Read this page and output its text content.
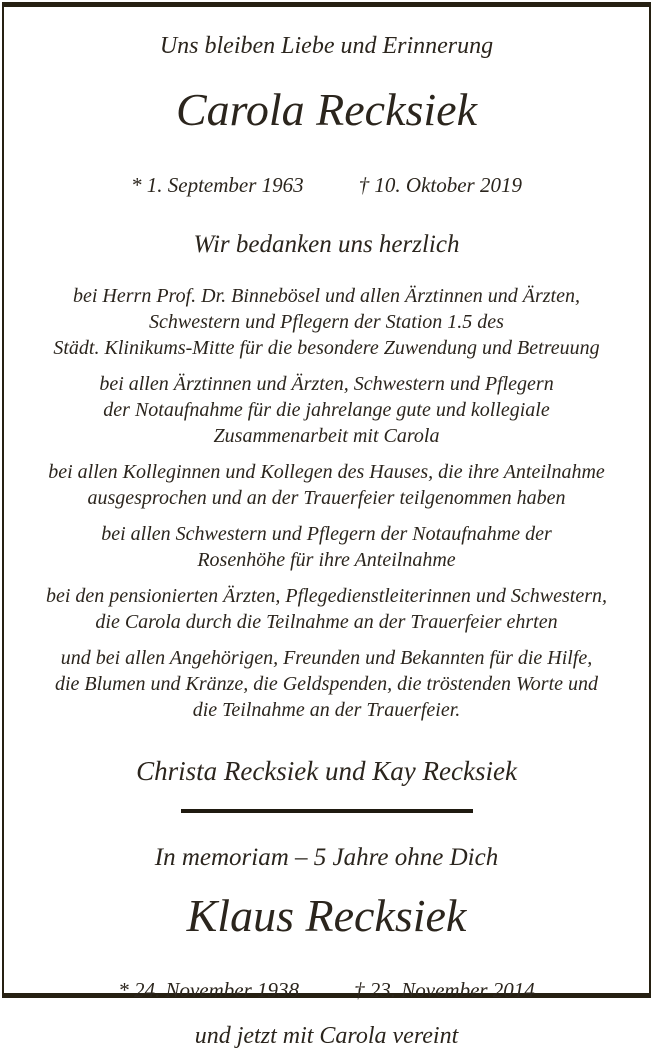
Uns bleiben Liebe und Erinnerung
Carola Recksiek
* 1. September 1963	† 10. Oktober 2019
Wir bedanken uns herzlich

bei Herrn Prof. Dr. Binnebösel und allen Ärztinnen und Ärzten,
Schwestern und Pflegern der Station 1.5 des
Städt. Klinikums-Mitte für die besondere Zuwendung und Betreuung

bei allen Ärztinnen und Ärzten, Schwestern und Pflegern
der Notaufnahme für die jahrelange gute und kollegiale
Zusammenarbeit mit Carola

bei allen Kolleginnen und Kollegen des Hauses, die ihre Anteilnahme
ausgesprochen und an der Trauerfeier teilgenommen haben

bei allen Schwestern und Pflegern der Notaufnahme der
Rosenhöhe für ihre Anteilnahme

bei den pensionierten Ärzten, Pflegedienstleiterinnen und Schwestern,
die Carola durch die Teilnahme an der Trauerfeier ehrten

und bei allen Angehörigen, Freunden und Bekannten für die Hilfe,
die Blumen und Kränze, die Geldspenden, die tröstenden Worte und
die Teilnahme an der Trauerfeier.

Christa Recksiek und Kay Recksiek
In memoriam – 5 Jahre ohne Dich
Klaus Recksiek
* 24. November 1938	† 23. November 2014
und jetzt mit Carola vereint
